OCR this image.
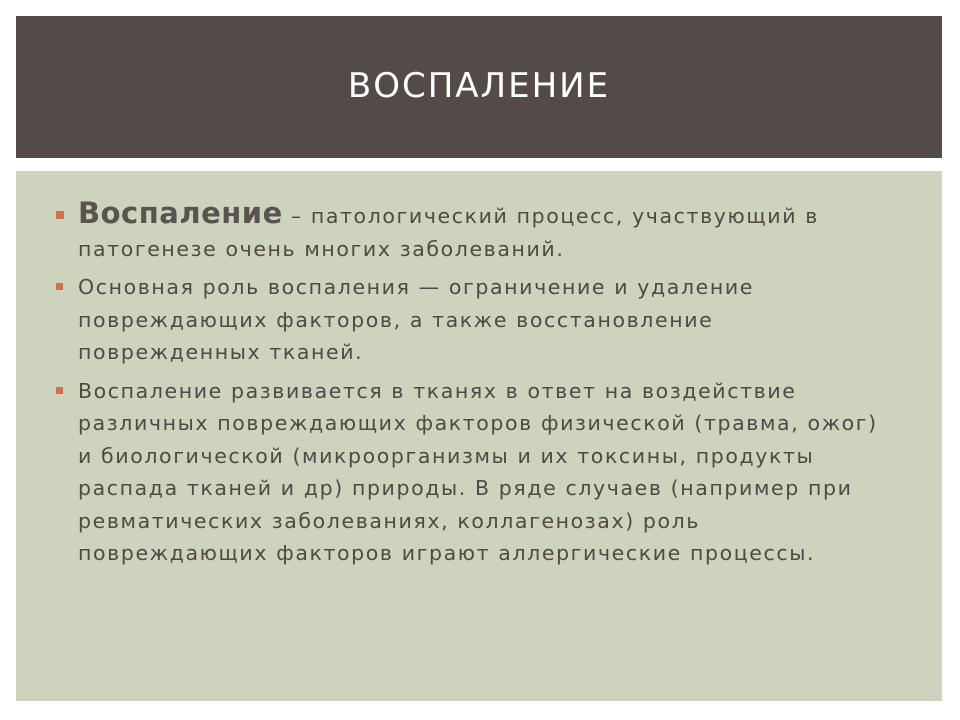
ВОСПАЛЕНИЕ
Воспаление – патологический процесс, участвующий в патогенезе очень многих заболеваний.
Основная роль воспаления — ограничение и удаление повреждающих факторов, а также восстановление поврежденных тканей.
Воспаление развивается в тканях в ответ на воздействие различных повреждающих факторов физической (травма, ожог) и биологической (микроорганизмы и их токсины, продукты распада тканей и др) природы. В ряде случаев (например при ревматических заболеваниях, коллагенозах) роль повреждающих факторов играют аллергические процессы.
